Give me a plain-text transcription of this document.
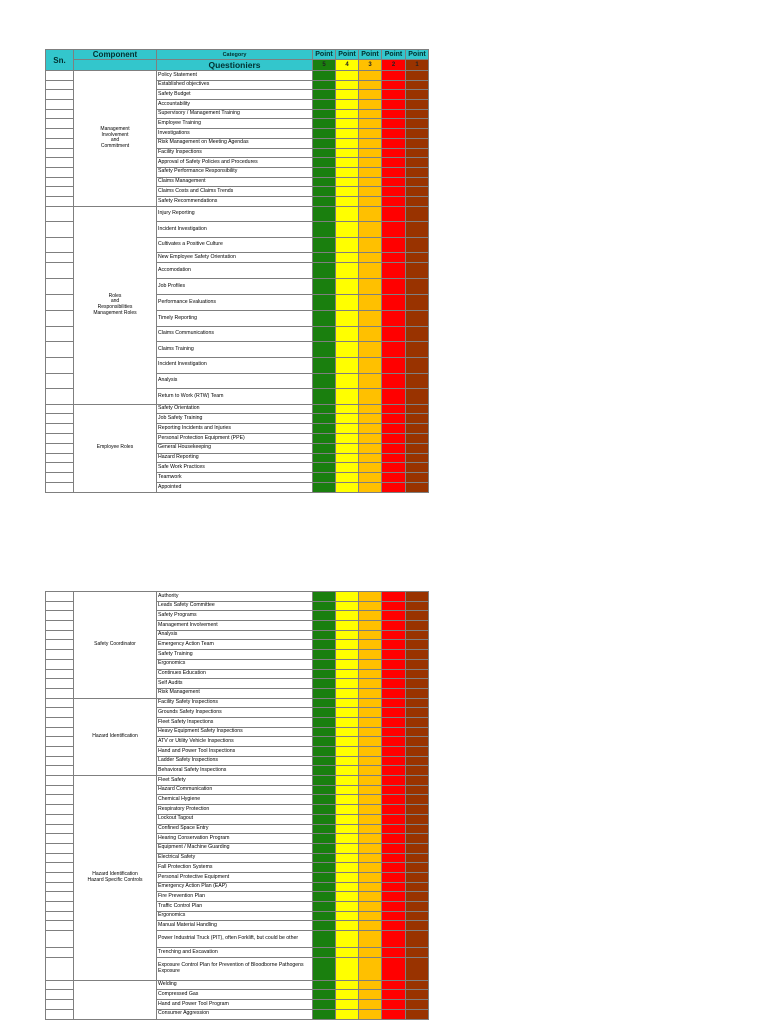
Sn.	Component	Category	Point	Point	Point	Point	Point
		Questioniers	5	4	3	2	1
	Management
Involvement
and
Commitment	Policy Statement					
		Established objectives					
		Safety Budget					
		Accountability					
		Supervisory / Management Training					
		Employee Training					
		Investigations					
		Risk Management on Meeting Agendas					
		Facility Inspections					
		Approval of Safety Policies and Procedures					
		Safety Performance Responsibility					
		Claims Management					
		Claims Costs and Claims Trends					
		Safety Recommendations					
	Roles
and
Responsibilities
Management Roles	Injury Reporting					
		Incident Investigation					
		Cultivates a Positive Culture					
		New Employee Safety Orientation					
		Accomodation					
		Job Profiles					
		Performance Evaluations					
		Timely Reporting					
		Claims Communications					
		Claims Training					
		Incident Investigation					
		Analysis					
		Return to Work (RTW) Team					
	Employee Roles	Safety Orientation					
		Job Safety Training					
		Reporting Incidents and Injuries					
		Personal Protection Equipment (PPE)					
		General Housekeeping					
		Hazard Reporting					
		Safe Work Practices					
		Teamwork					
		Appointed					
	Safety Coordinator	Authority					
		Leads Safety Committee					
		Safety Programs					
		Management Involvement					
		Analysis					
		Emergency Action Team					
		Safety Training					
		Ergonomics					
		Continues Education					
		Self Audits					
		Risk Management					
	Hazard Identification	Facility Safety Inspections					
		Grounds Safety Inspections					
		Fleet Safety Inspections					
		Heavy Equipment Safety Inspections					
		ATV or Utility Vehicle Inspections					
		Hand and Power Tool Inspections					
		Ladder Safety Inspections					
		Behavioral Safety Inspections					
	Hazard Identification
Hazard Specific Controls	Fleet Safety					
		Hazard Communication					
		Chemical Hygiene					
		Respiratory Protection					
		Lockout Tagout					
		Confined Space Entry					
		Hearing Conservation Program					
		Equipment / Machine Guarding					
		Electrical Safety					
		Fall Protection Systems					
		Personal Protective Equipment					
		Emergency Action Plan (EAP)					
		Fire Prevention Plan					
		Traffic Control Plan					
		Ergonomics					
		Manual Material Handling					
		Power Industrial Truck (PIT), often Forklift, but could be other					
		Trenching and Excavation					
		Exposure Control Plan for Prevention of Bloodborne Pathogens Exposure					
		Welding					
		Compressed Gas					
		Hand and Power Tool Program					
		Consumer Aggression					
